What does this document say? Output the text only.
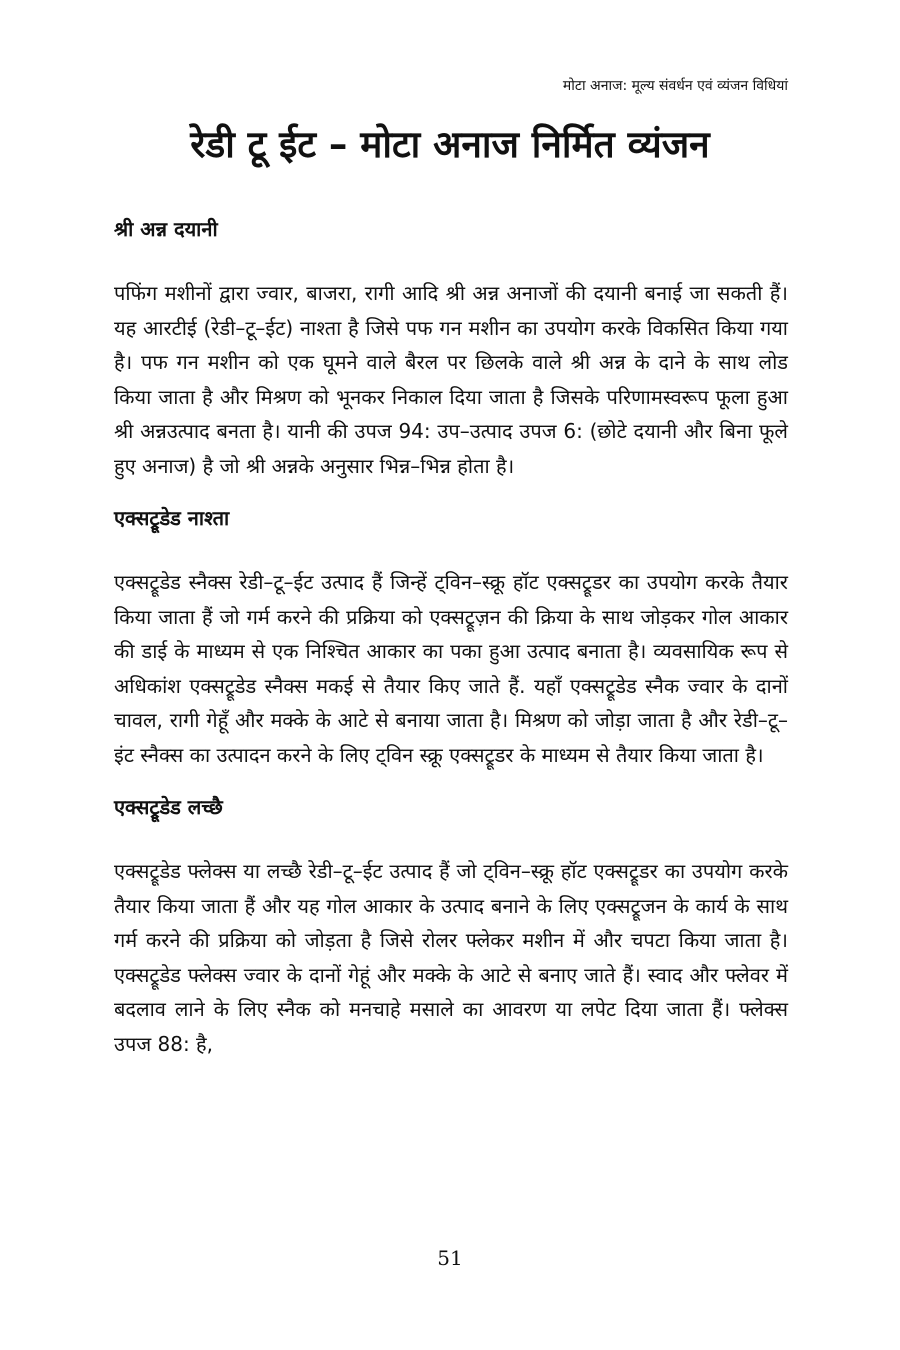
मोटा अनाज: मूल्य संवर्धन एवं व्यंजन विधियां
रेडी टू ईट – मोटा अनाज निर्मित व्यंजन
श्री अन्न दयानी

पफिंग मशीनों द्वारा ज्वार, बाजरा, रागी आदि श्री अन्न अनाजों की दयानी बनाई जा सकती हैं। यह आरटीई (रेडी–टू–ईट) नाश्ता है जिसे पफ गन मशीन का उपयोग करके विकसित किया गया है। पफ गन मशीन को एक घूमने वाले बैरल पर छिलके वाले श्री अन्न के दाने के साथ लोड किया जाता है और मिश्रण को भूनकर निकाल दिया जाता है जिसके परिणामस्वरूप फूला हुआ श्री अन्नउत्पाद बनता है। यानी की उपज 94: उप–उत्पाद उपज 6: (छोटे दयानी और बिना फूले हुए अनाज) है जो श्री अन्नके अनुसार भिन्न–भिन्न होता है।

एक्सट्रूडेड नाश्ता

एक्सट्रूडेड स्नैक्स रेडी–टू–ईट उत्पाद हैं जिन्हें ट्विन–स्क्रू हॉट एक्सट्रूडर का उपयोग करके तैयार किया जाता हैं जो गर्म करने की प्रक्रिया को एक्सट्रूज़न की क्रिया के साथ जोड़कर गोल आकार की डाई के माध्यम से एक निश्चित आकार का पका हुआ उत्पाद बनाता है। व्यवसायिक रूप से अधिकांश एक्सट्रूडेड स्नैक्स मकई से तैयार किए जाते हैं. यहाँ एक्सट्रूडेड स्नैक ज्वार के दानों चावल, रागी गेहूँ और मक्के के आटे से बनाया जाता है। मिश्रण को जोड़ा जाता है और रेडी–टू–इंट स्नैक्स का उत्पादन करने के लिए ट्विन स्क्रू एक्सट्रूडर के माध्यम से तैयार किया जाता है।

एक्सट्रूडेड लच्छै

एक्सट्रूडेड फ्लेक्स या लच्छै रेडी–टू–ईट उत्पाद हैं जो ट्विन–स्क्रू हॉट एक्सट्रूडर का उपयोग करके तैयार किया जाता हैं और यह गोल आकार के उत्पाद बनाने के लिए एक्सट्रूजन के कार्य के साथ गर्म करने की प्रक्रिया को जोड़ता है जिसे रोलर फ्लेकर मशीन में और चपटा किया जाता है। एक्सट्रूडेड फ्लेक्स ज्वार के दानों गेहूं और मक्के के आटे से बनाए जाते हैं। स्वाद और फ्लेवर में बदलाव लाने के लिए स्नैक को मनचाहे मसाले का आवरण या लपेट दिया जाता हैं। फ्लेक्स उपज 88: है,

51
